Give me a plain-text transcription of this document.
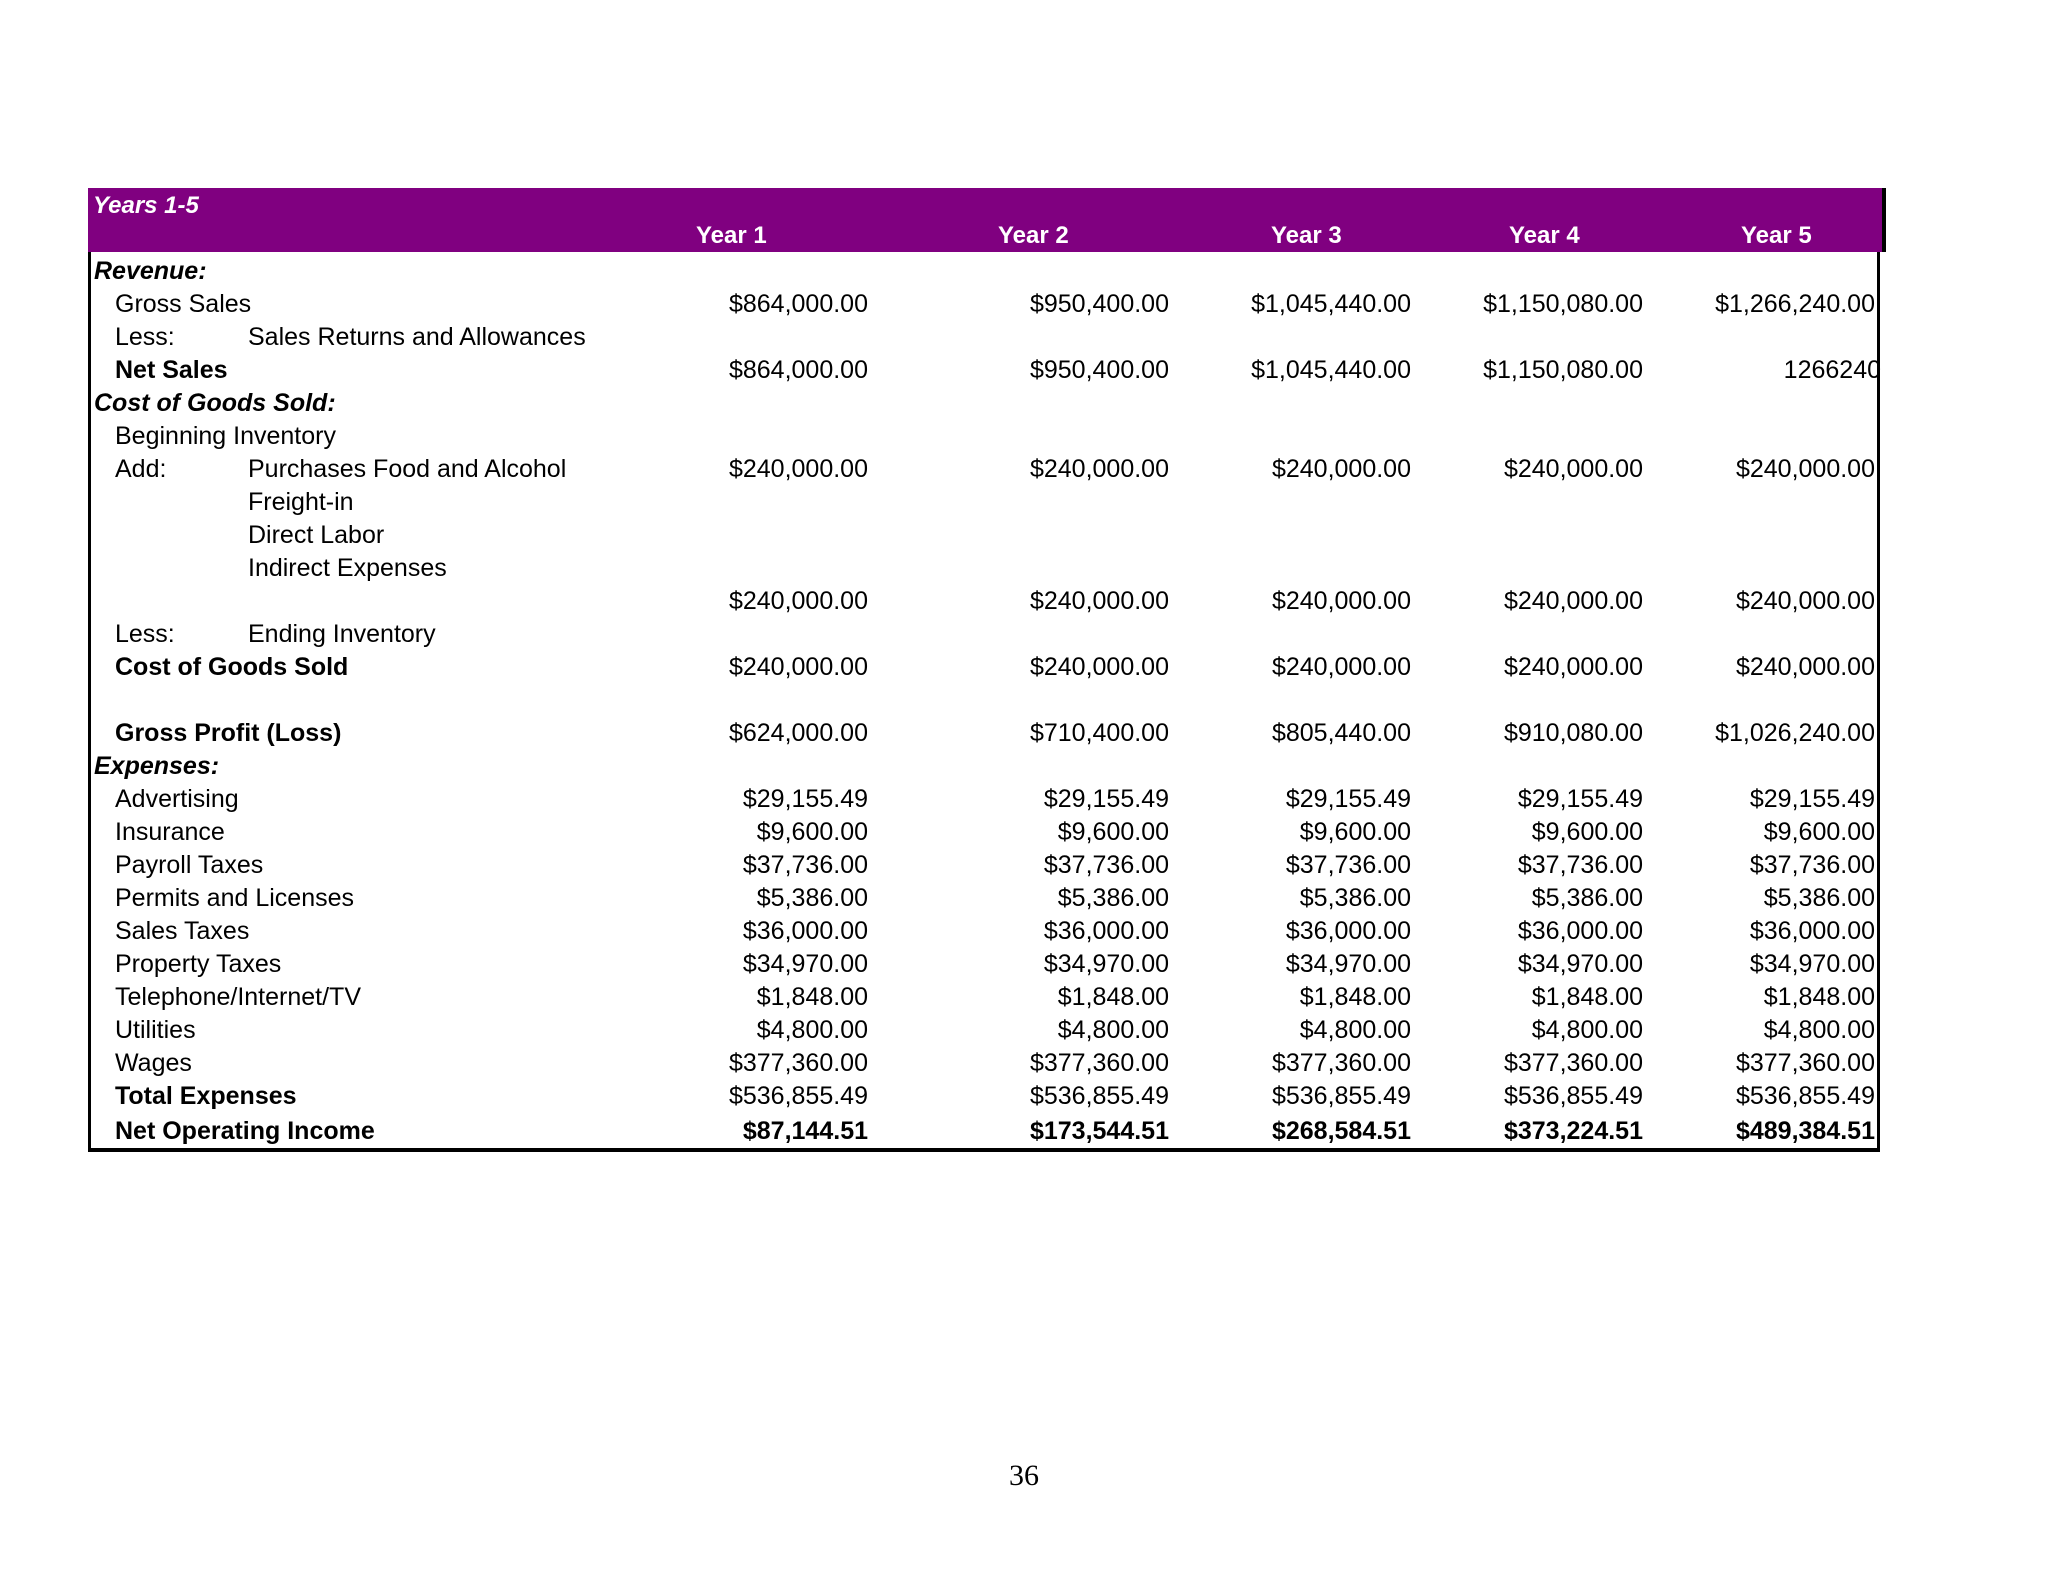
Years 1-5
Year 1	Year 2	Year 3	Year 4	Year 5
Revenue:
Gross Sales	$864,000.00	$950,400.00	$1,045,440.00	$1,150,080.00	$1,266,240.00
Less:	Sales Returns and Allowances
Net Sales	$864,000.00	$950,400.00	$1,045,440.00	$1,150,080.00	1266240
Cost of Goods Sold:
Beginning Inventory
Add:	Purchases Food and Alcohol	$240,000.00	$240,000.00	$240,000.00	$240,000.00	$240,000.00
Freight-in
Direct Labor
Indirect Expenses
$240,000.00	$240,000.00	$240,000.00	$240,000.00	$240,000.00
Less:	Ending Inventory
Cost of Goods Sold	$240,000.00	$240,000.00	$240,000.00	$240,000.00	$240,000.00
Gross Profit (Loss)	$624,000.00	$710,400.00	$805,440.00	$910,080.00	$1,026,240.00
Expenses:
Advertising	$29,155.49	$29,155.49	$29,155.49	$29,155.49	$29,155.49
Insurance	$9,600.00	$9,600.00	$9,600.00	$9,600.00	$9,600.00
Payroll Taxes	$37,736.00	$37,736.00	$37,736.00	$37,736.00	$37,736.00
Permits and Licenses	$5,386.00	$5,386.00	$5,386.00	$5,386.00	$5,386.00
Sales Taxes	$36,000.00	$36,000.00	$36,000.00	$36,000.00	$36,000.00
Property Taxes	$34,970.00	$34,970.00	$34,970.00	$34,970.00	$34,970.00
Telephone/Internet/TV	$1,848.00	$1,848.00	$1,848.00	$1,848.00	$1,848.00
Utilities	$4,800.00	$4,800.00	$4,800.00	$4,800.00	$4,800.00
Wages	$377,360.00	$377,360.00	$377,360.00	$377,360.00	$377,360.00
Total Expenses	$536,855.49	$536,855.49	$536,855.49	$536,855.49	$536,855.49
Net Operating Income	$87,144.51	$173,544.51	$268,584.51	$373,224.51	$489,384.51
36
